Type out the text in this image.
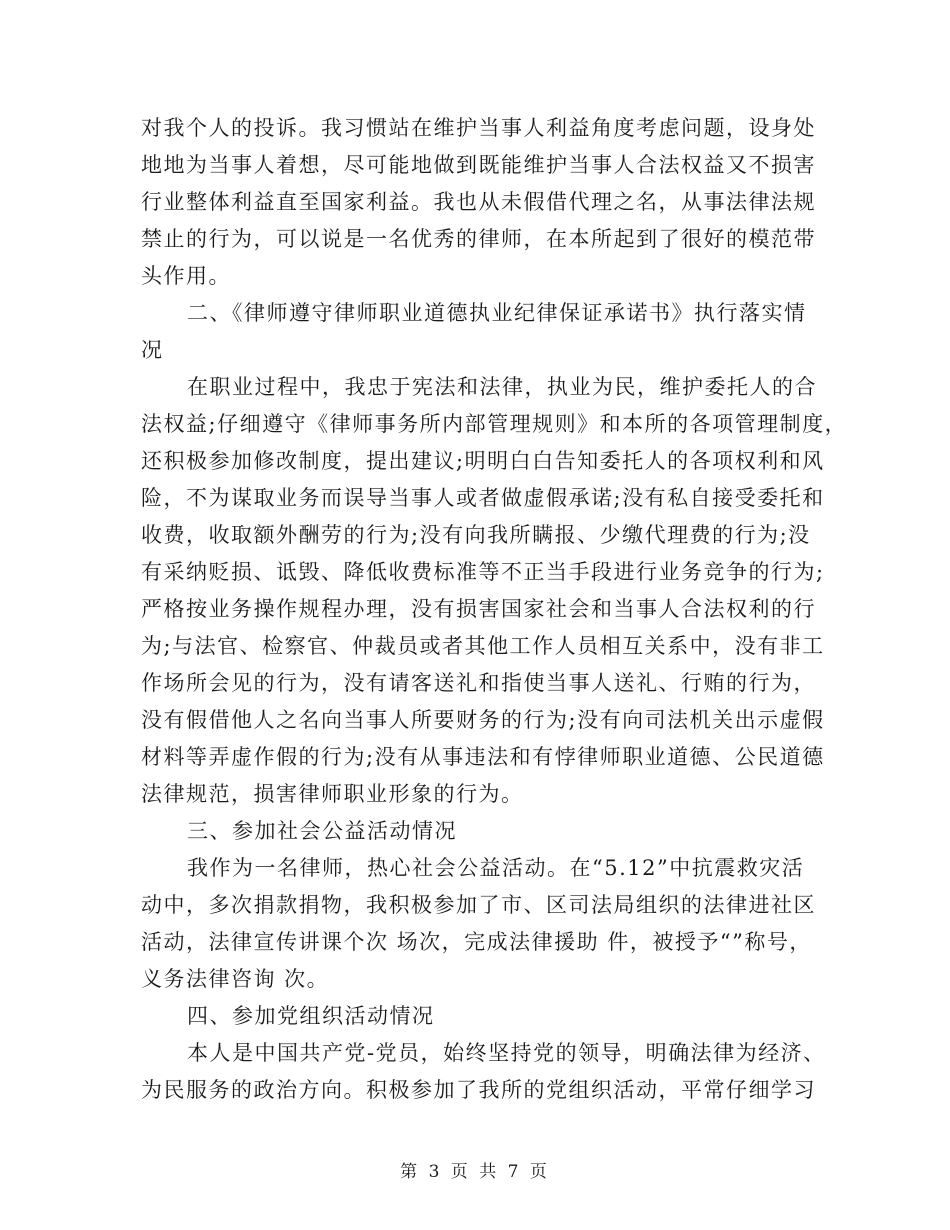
对我个人的投诉。我习惯站在维护当事人利益角度考虑问题，设身处
地地为当事人着想，尽可能地做到既能维护当事人合法权益又不损害
行业整体利益直至国家利益。我也从未假借代理之名，从事法律法规
禁止的行为，可以说是一名优秀的律师，在本所起到了很好的模范带
头作用。
二、《律师遵守律师职业道德执业纪律保证承诺书》执行落实情
况
在职业过程中，我忠于宪法和法律，执业为民，维护委托人的合
法权益;仔细遵守《律师事务所内部管理规则》和本所的各项管理制度，
还积极参加修改制度，提出建议;明明白白告知委托人的各项权利和风
险，不为谋取业务而误导当事人或者做虚假承诺;没有私自接受委托和
收费，收取额外酬劳的行为;没有向我所瞒报、少缴代理费的行为;没
有采纳贬损、诋毁、降低收费标准等不正当手段进行业务竞争的行为;
严格按业务操作规程办理，没有损害国家社会和当事人合法权利的行
为;与法官、检察官、仲裁员或者其他工作人员相互关系中，没有非工
作场所会见的行为，没有请客送礼和指使当事人送礼、行贿的行为，
没有假借他人之名向当事人所要财务的行为;没有向司法机关出示虚假
材料等弄虚作假的行为;没有从事违法和有悖律师职业道德、公民道德
法律规范，损害律师职业形象的行为。
三、参加社会公益活动情况
我作为一名律师，热心社会公益活动。在“5.12”中抗震救灾活
动中，多次捐款捐物，我积极参加了市、区司法局组织的法律进社区
活动，法律宣传讲课个次 场次，完成法律援助 件，被授予“”称号，
义务法律咨询 次。
四、参加党组织活动情况
本人是中国共产党-党员，始终坚持党的领导，明确法律为经济、
为民服务的政治方向。积极参加了我所的党组织活动，平常仔细学习
第 3 页 共 7 页
